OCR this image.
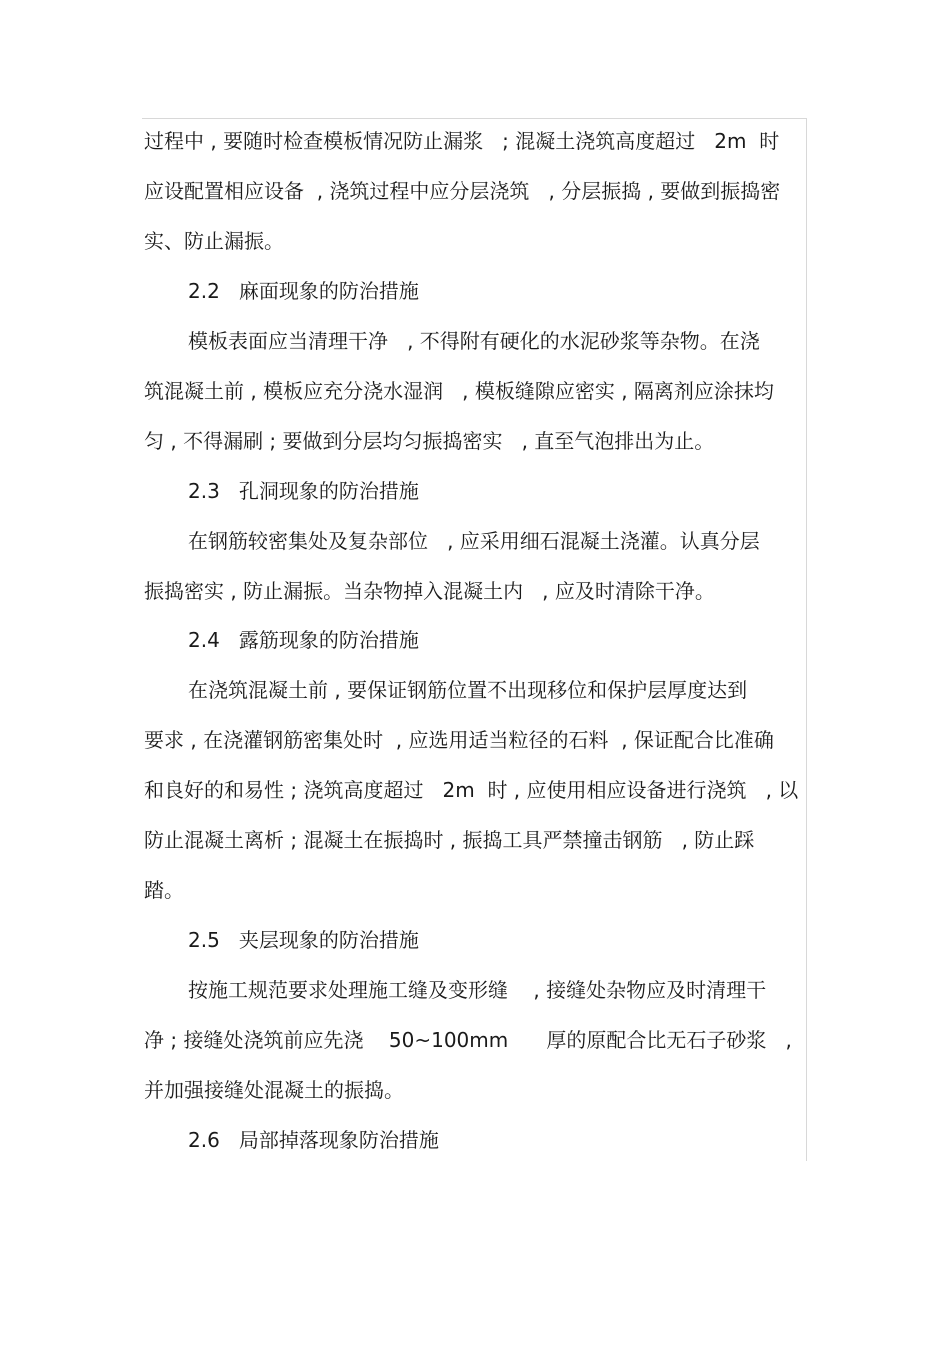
过程中 , 要随时检查模板情况防止漏浆   ; 混凝土浇筑高度超过   2m  时
应设配置相应设备  , 浇筑过程中应分层浇筑   , 分层振捣 , 要做到振捣密
实、防止漏振。
2.2   麻面现象的防治措施
模板表面应当清理干净   , 不得附有硬化的水泥砂浆等杂物。在浇
筑混凝土前 , 模板应充分浇水湿润   , 模板缝隙应密实 , 隔离剂应涂抹均
匀 , 不得漏刷 ; 要做到分层均匀振捣密实   , 直至气泡排出为止。
2.3   孔洞现象的防治措施
在钢筋较密集处及复杂部位   , 应采用细石混凝土浇灌。认真分层
振捣密实 , 防止漏振。当杂物掉入混凝土内   , 应及时清除干净。
2.4   露筋现象的防治措施
在浇筑混凝土前 , 要保证钢筋位置不出现移位和保护层厚度达到
要求 , 在浇灌钢筋密集处时  , 应选用适当粒径的石料  , 保证配合比准确
和良好的和易性 ; 浇筑高度超过   2m  时 , 应使用相应设备进行浇筑   , 以
防止混凝土离析 ; 混凝土在振捣时 , 振捣工具严禁撞击钢筋   , 防止踩
踏。
2.5   夹层现象的防治措施
按施工规范要求处理施工缝及变形缝    , 接缝处杂物应及时清理干
净 ; 接缝处浇筑前应先浇    50~100mm      厚的原配合比无石子砂浆   ,
并加强接缝处混凝土的振捣。
2.6   局部掉落现象防治措施
